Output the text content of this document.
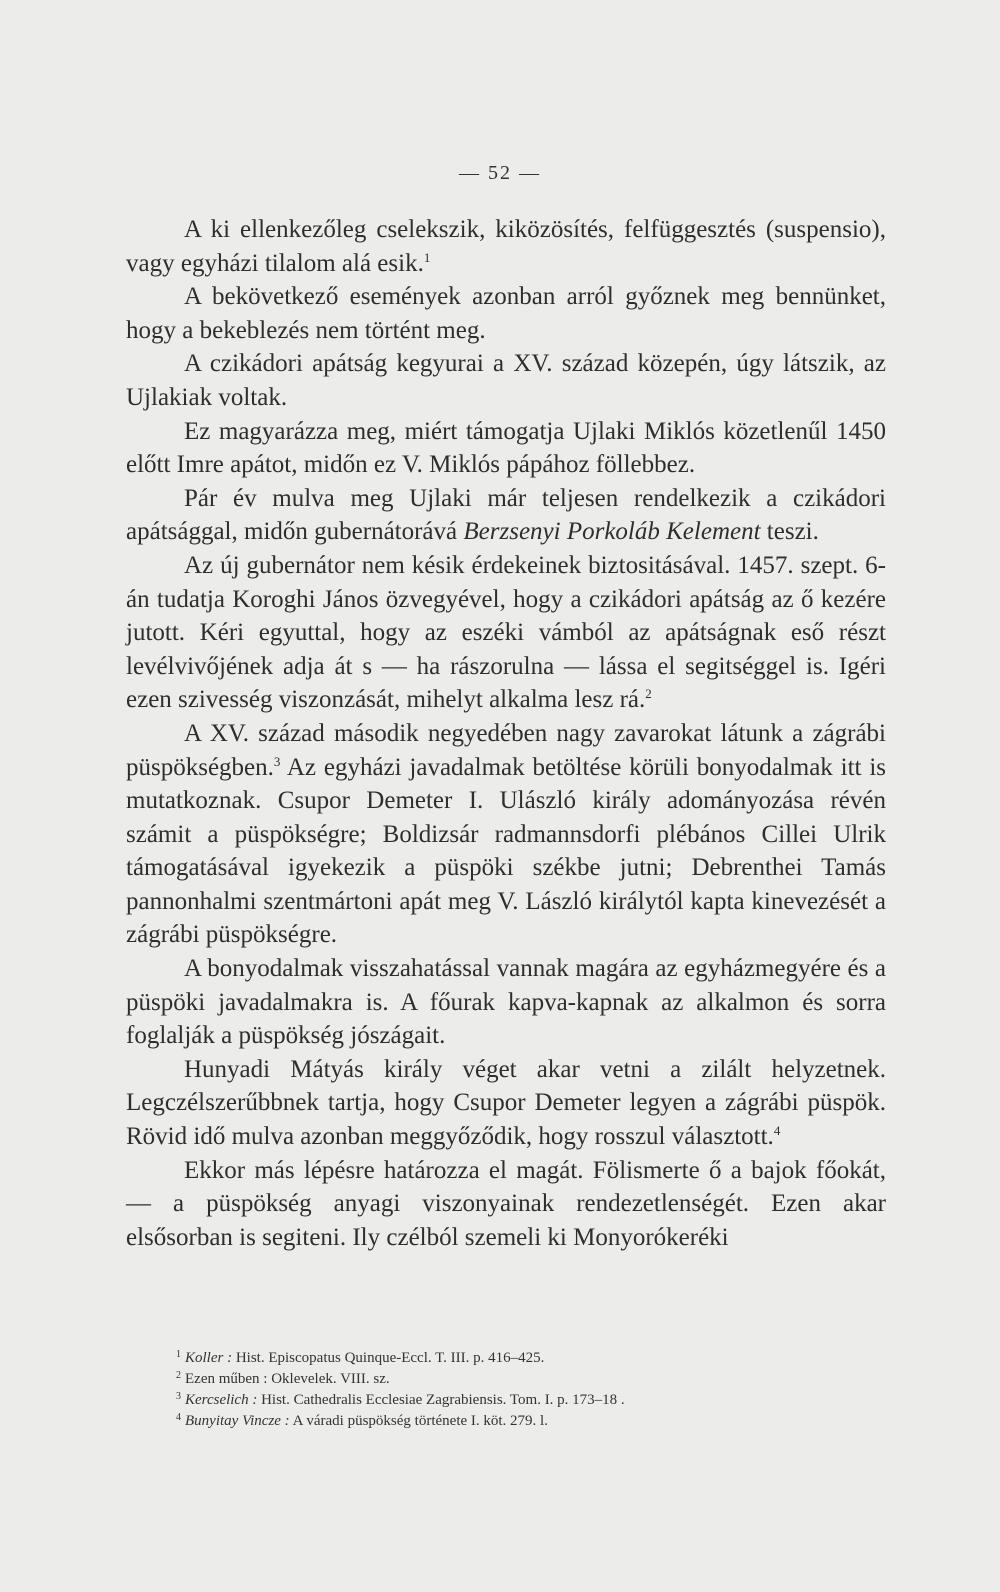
— 52 —

A ki ellenkezőleg cselekszik, kiközösítés, felfüggesztés (suspensio), vagy egyházi tilalom alá esik.$^1$

A bekövetkező események azonban arról győznek meg bennünket, hogy a bekeblezés nem történt meg.

A czikádori apátság kegyurai a XV. század közepén, úgy látszik, az Ujlakiak voltak.

Ez magyarázza meg, miért támogatja Ujlaki Miklós közetlenűl 1450 előtt Imre apátot, midőn ez V. Miklós pápához föllebbez.

Pár év mulva meg Ujlaki már teljesen rendelkezik a czikádori apátsággal, midőn gubernátorává Berzsenyi Porkoláb Kelement teszi.

Az új gubernátor nem késik érdekeinek biztositásával. 1457. szept. 6-án tudatja Koroghi János özvegyével, hogy a czikádori apátság az ő kezére jutott. Kéri egyuttal, hogy az eszéki vámból az apátságnak eső részt levélvivőjének adja át s — ha rászorulna — lássa el segitséggel is. Igéri ezen szivesség viszonzását, mihelyt alkalma lesz rá.$^2$

A XV. század második negyedében nagy zavarokat látunk a zágrábi püspökségben.$^3$ Az egyházi javadalmak betöltése körüli bonyodalmak itt is mutatkoznak. Csupor Demeter I. Ulászló király adományozása révén számit a püspökségre; Boldizsár radmannsdorfi plébános Cillei Ulrik támogatásával igyekezik a püspöki székbe jutni; Debrenthei Tamás pannonhalmi szentmártoni apát meg V. László királytól kapta kinevezését a zágrábi püspökségre.

A bonyodalmak visszahatással vannak magára az egyházmegyére és a püspöki javadalmakra is. A főurak kapva-kapnak az alkalmon és sorra foglalják a püspökség jószágait.

Hunyadi Mátyás király véget akar vetni a zilált helyzetnek. Legczélszerűbbnek tartja, hogy Csupor Demeter legyen a zágrábi püspök. Rövid idő mulva azonban meggyőződik, hogy rosszul választott.$^4$

Ekkor más lépésre határozza el magát. Fölismerte ő a bajok főokát, — a püspökség anyagi viszonyainak rendezetlenségét. Ezen akar elsősorban is segiteni. Ily czélból szemeli ki Monyorókeréki

$^1$ Koller : Hist. Episcopatus Quinque-Eccl. T. III. p. 416–425.
$^2$ Ezen műben : Oklevelek. VIII. sz.
$^3$ Kercselich : Hist. Cathedralis Ecclesiae Zagrabiensis. Tom. I. p. 173–18 .
$^4$ Bunyitay Vincze : A váradi püspökség története I. köt. 279. l.
